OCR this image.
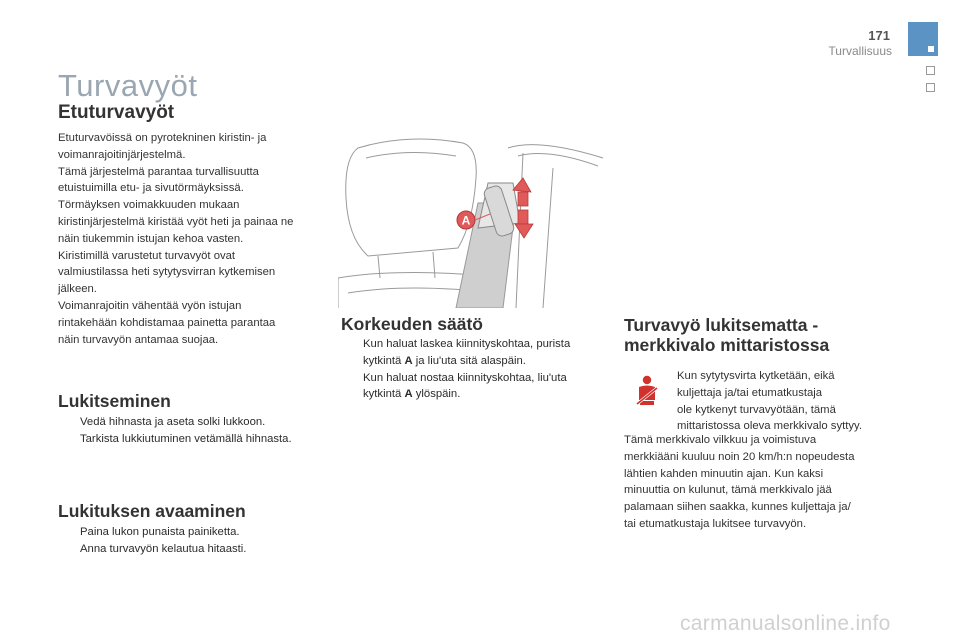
171
Turvallisuus
Turvavyöt
Etuturvavyöt
Etuturvavöissä on pyrotekninen kiristin- ja
voimanrajoitinjärjestelmä.
Tämä järjestelmä parantaa turvallisuutta
etuistuimilla etu- ja sivutörmäyksissä.
Törmäyksen voimakkuuden mukaan
kiristinjärjestelmä kiristää vyöt heti ja painaa ne
näin tiukemmin istujan kehoa vasten.
Kiristimillä varustetut turvavyöt ovat
valmiustilassa heti sytytysvirran kytkemisen
jälkeen.
Voimanrajoitin vähentää vyön istujan
rintakehään kohdistamaa painetta parantaa
näin turvavyön antamaa suojaa.
Lukitseminen
Vedä hihnasta ja aseta solki lukkoon.
Tarkista lukkiutuminen vetämällä hihnasta.
Lukituksen avaaminen
Paina lukon punaista painiketta.
Anna turvavyön kelautua hitaasti.
A
Korkeuden säätö
Kun haluat laskea kiinnityskohtaa, purista
kytkintä A ja liu'uta sitä alaspäin.
Kun haluat nostaa kiinnityskohtaa, liu'uta
kytkintä A ylöspäin.
Turvavyö lukitsematta -
merkkivalo mittaristossa
Kun sytytysvirta kytketään, eikä
kuljettaja ja/tai etumatkustaja
ole kytkenyt turvavyötään, tämä
mittaristossa oleva merkkivalo syttyy.
Tämä merkkivalo vilkkuu ja voimistuva
merkkiääni kuuluu noin 20 km/h:n nopeudesta
lähtien kahden minuutin ajan. Kun kaksi
minuuttia on kulunut, tämä merkkivalo jää
palamaan siihen saakka, kunnes kuljettaja ja/
tai etumatkustaja lukitsee turvavyön.
carmanualsonline.info
